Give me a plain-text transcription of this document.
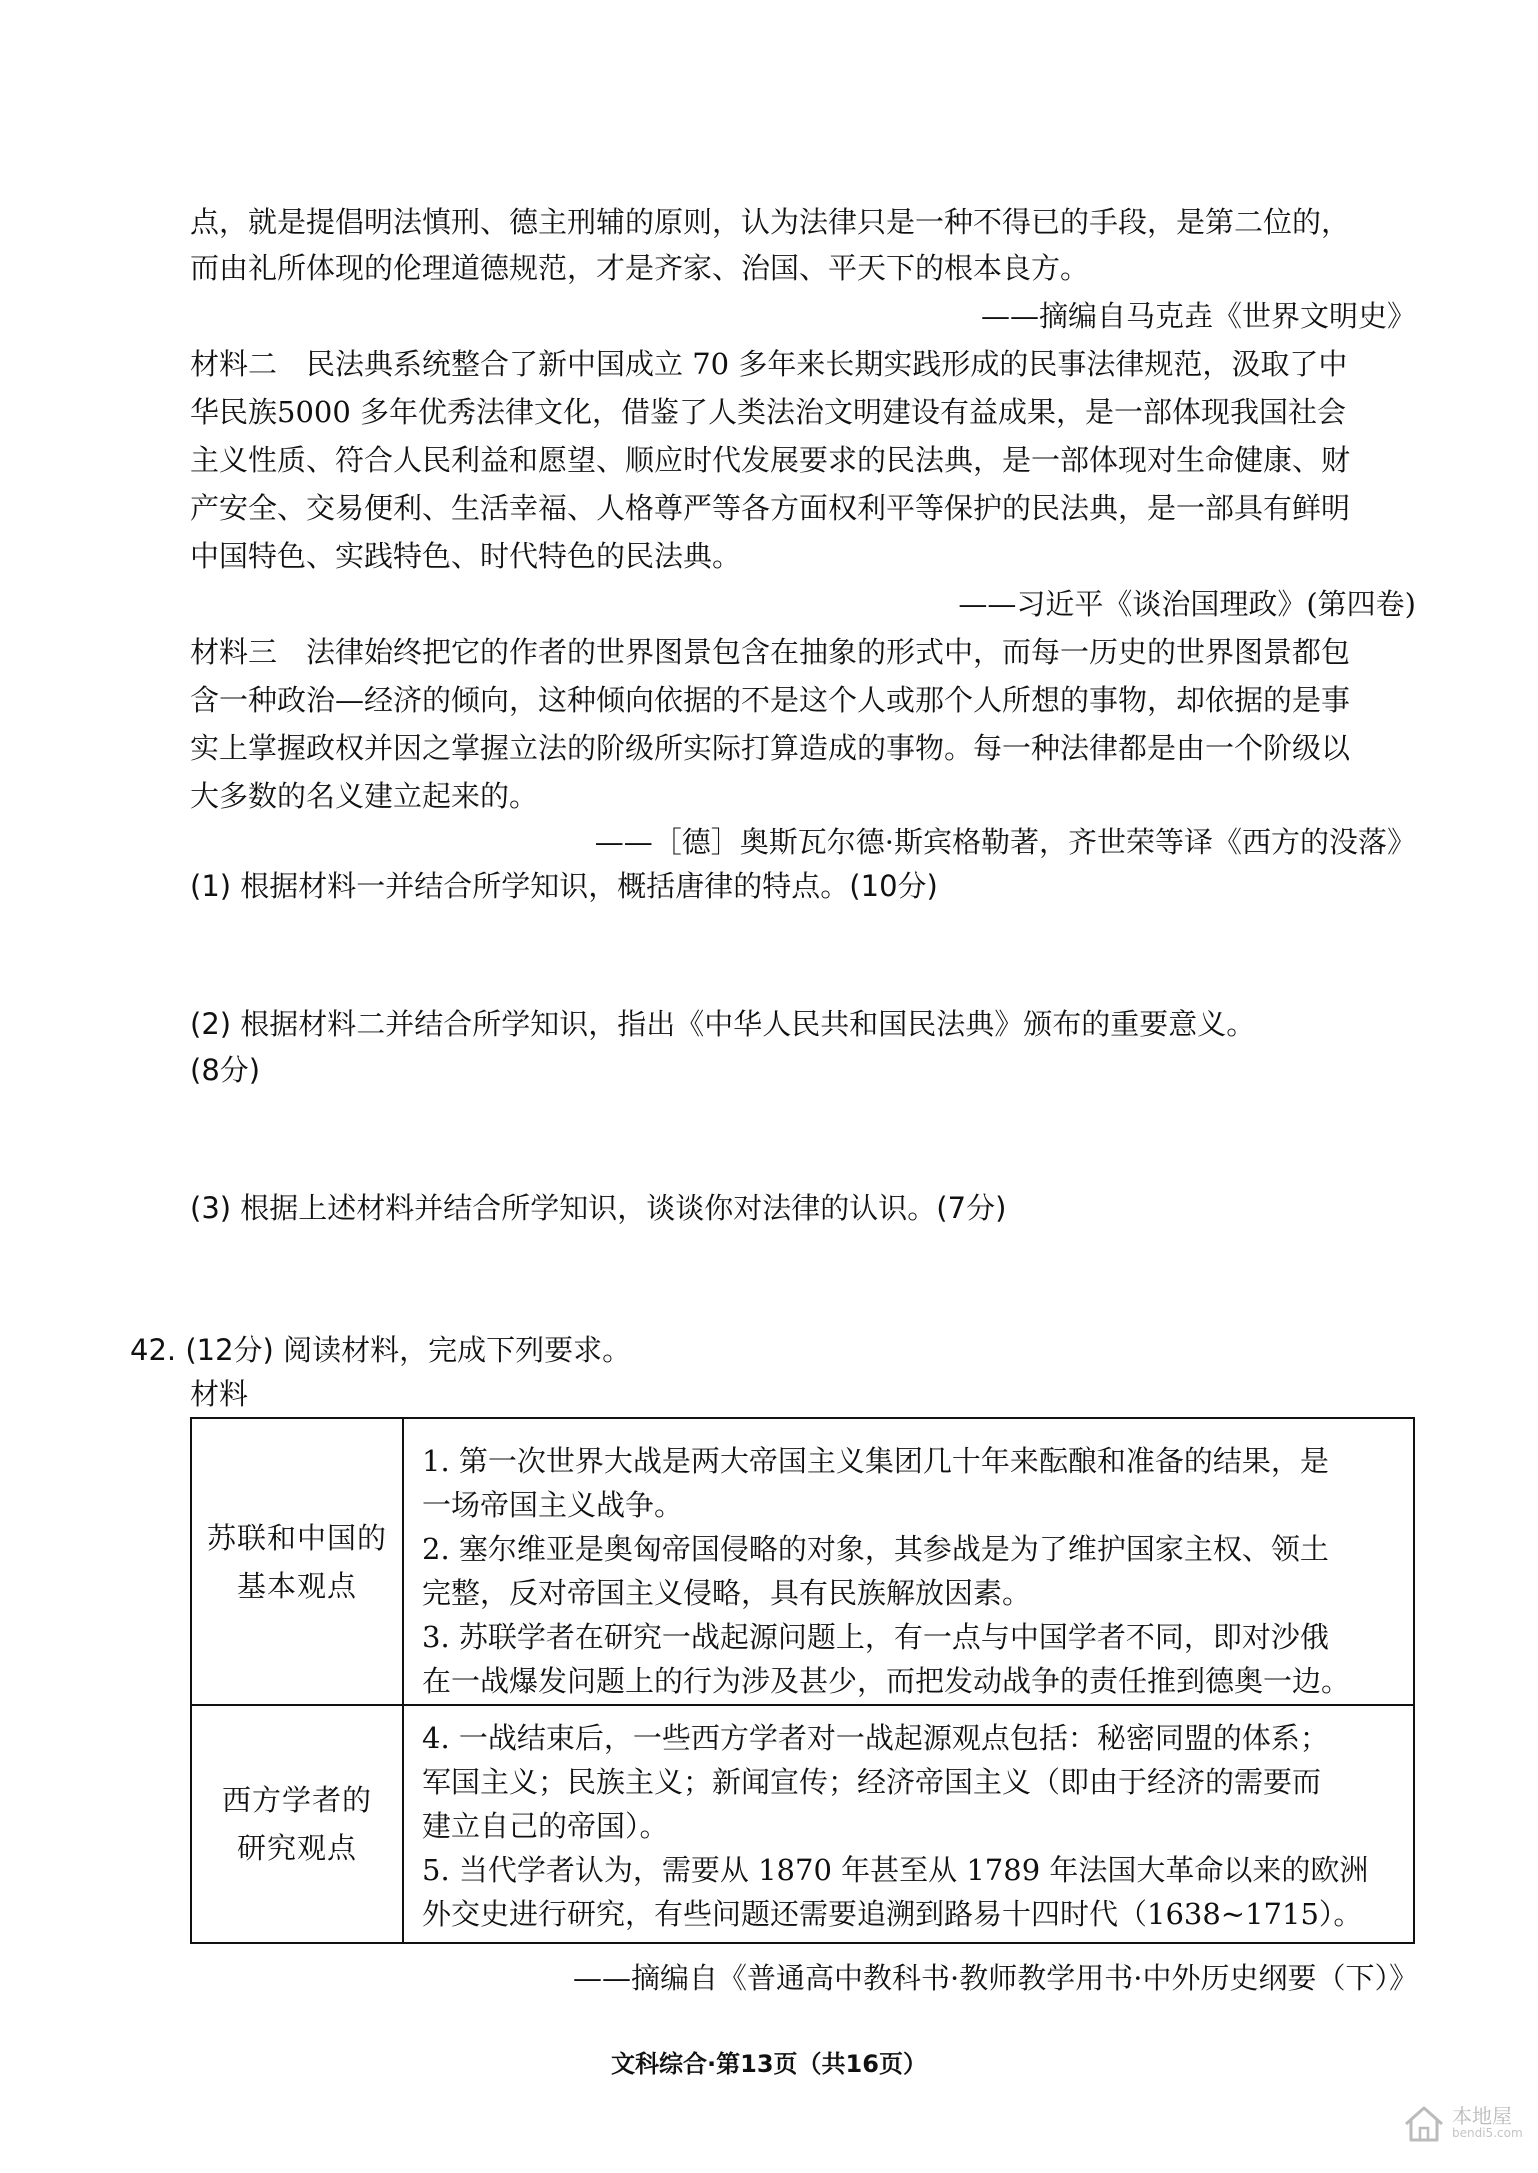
点，就是提倡明法慎刑、德主刑辅的原则，认为法律只是一种不得已的手段，是第二位的，
而由礼所体现的伦理道德规范，才是齐家、治国、平天下的根本良方。
——摘编自马克垚《世界文明史》
材料二　民法典系统整合了新中国成立 70 多年来长期实践形成的民事法律规范，汲取了中
华民族5000 多年优秀法律文化，借鉴了人类法治文明建设有益成果，是一部体现我国社会
主义性质、符合人民利益和愿望、顺应时代发展要求的民法典，是一部体现对生命健康、财
产安全、交易便利、生活幸福、人格尊严等各方面权利平等保护的民法典，是一部具有鲜明
中国特色、实践特色、时代特色的民法典。
——习近平《谈治国理政》(第四卷)
材料三　法律始终把它的作者的世界图景包含在抽象的形式中，而每一历史的世界图景都包
含一种政治—经济的倾向，这种倾向依据的不是这个人或那个人所想的事物，却依据的是事
实上掌握政权并因之掌握立法的阶级所实际打算造成的事物。每一种法律都是由一个阶级以
大多数的名义建立起来的。
——［德］奥斯瓦尔德·斯宾格勒著，齐世荣等译《西方的没落》
(1) 根据材料一并结合所学知识，概括唐律的特点。(10分)
(2) 根据材料二并结合所学知识，指出《中华人民共和国民法典》颁布的重要意义。
(8分)
(3) 根据上述材料并结合所学知识，谈谈你对法律的认识。(7分)
42. (12分) 阅读材料，完成下列要求。
材料
苏联和中国的
基本观点
1. 第一次世界大战是两大帝国主义集团几十年来酝酿和准备的结果，是
一场帝国主义战争。
2. 塞尔维亚是奥匈帝国侵略的对象，其参战是为了维护国家主权、领土
完整，反对帝国主义侵略，具有民族解放因素。
3. 苏联学者在研究一战起源问题上，有一点与中国学者不同，即对沙俄
在一战爆发问题上的行为涉及甚少，而把发动战争的责任推到德奥一边。
西方学者的
研究观点
4. 一战结束后，一些西方学者对一战起源观点包括：秘密同盟的体系；
军国主义；民族主义；新闻宣传；经济帝国主义（即由于经济的需要而
建立自己的帝国）。
5. 当代学者认为，需要从 1870 年甚至从 1789 年法国大革命以来的欧洲
外交史进行研究，有些问题还需要追溯到路易十四时代（1638~1715）。
——摘编自《普通高中教科书·教师教学用书·中外历史纲要（下）》
文科综合·第13页（共16页）
本地屋
bendi5.com
